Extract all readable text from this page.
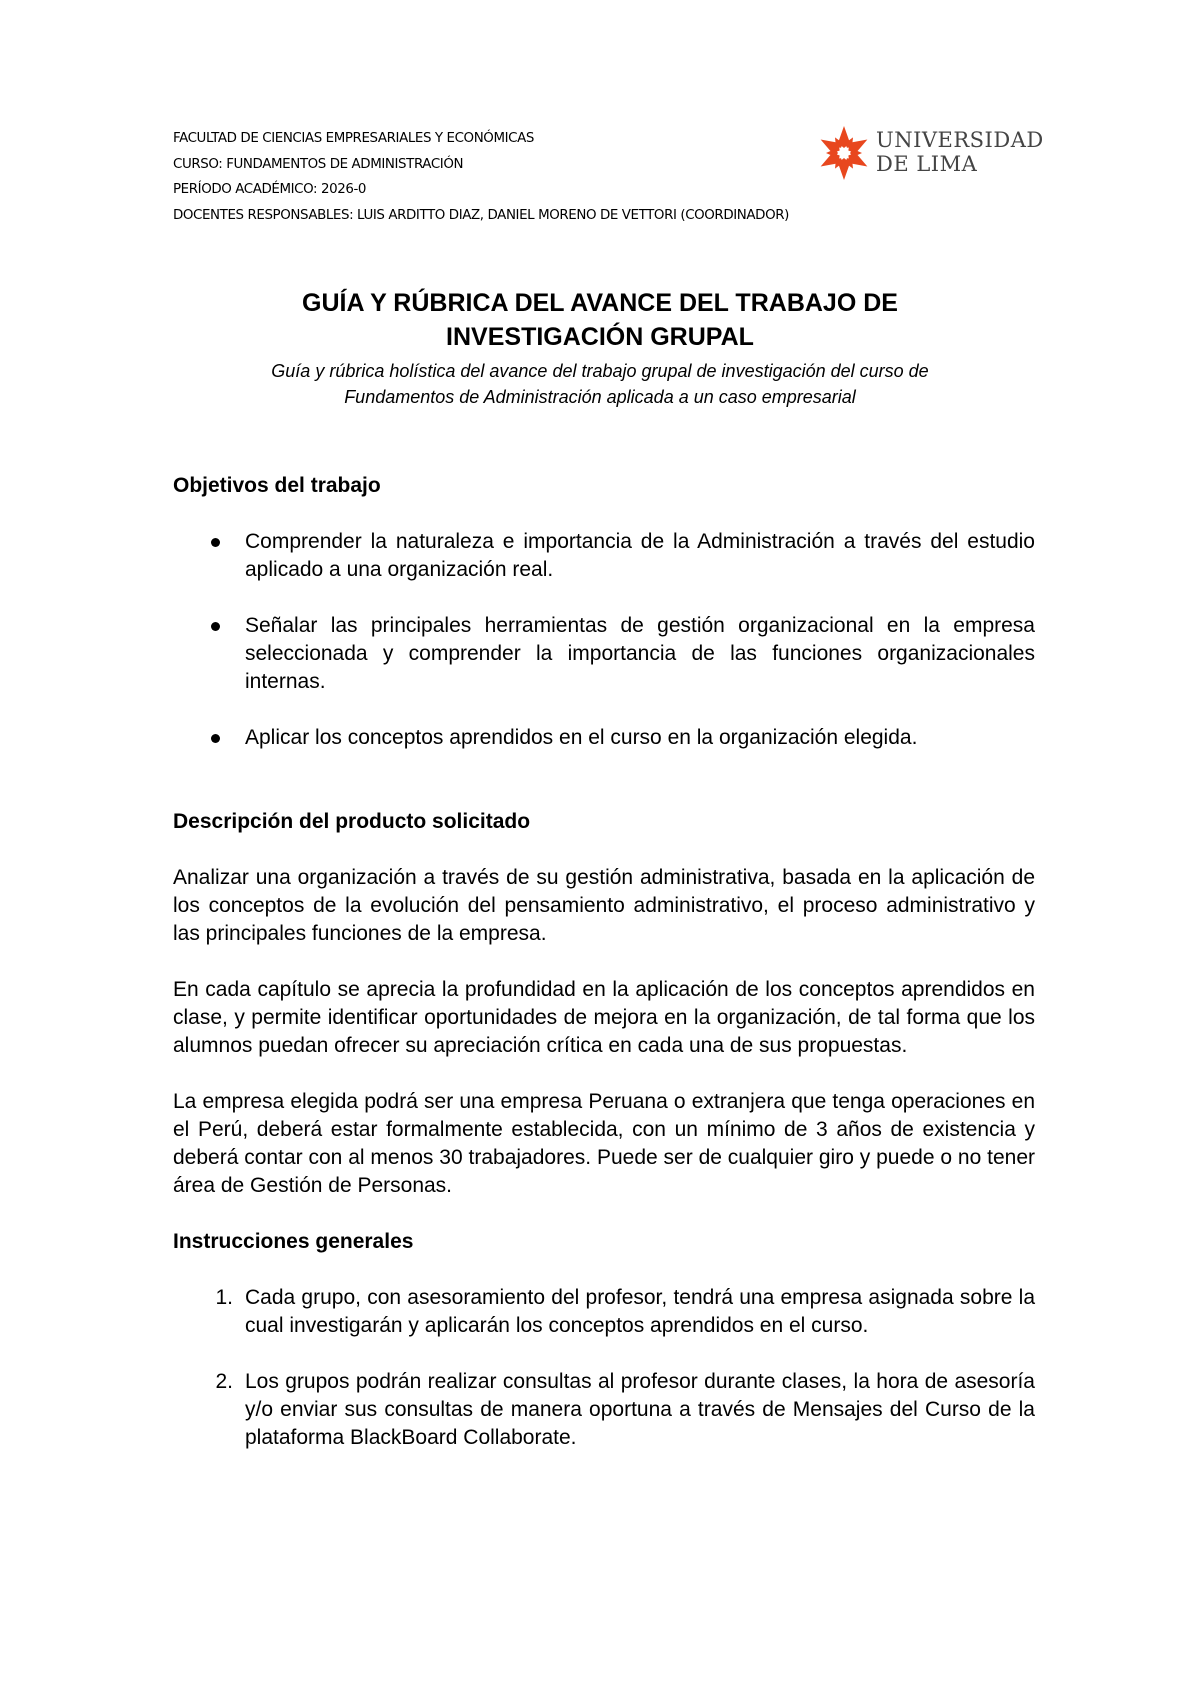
FACULTAD DE CIENCIAS EMPRESARIALES Y ECONÓMICAS
CURSO: FUNDAMENTOS DE ADMINISTRACIÓN
PERÍODO ACADÉMICO: 2026-0
DOCENTES RESPONSABLES: LUIS ARDITTO DIAZ, DANIEL MORENO DE VETTORI (COORDINADOR)
UNIVERSIDAD
DE LIMA
GUÍA Y RÚBRICA DEL AVANCE DEL TRABAJO DE
INVESTIGACIÓN GRUPAL
Guía y rúbrica holística del avance del trabajo grupal de investigación del curso de
Fundamentos de Administración aplicada a un caso empresarial
Objetivos del trabajo
Comprender la naturaleza e importancia de la Administración a través del estudio aplicado a una organización real.
Señalar las principales herramientas de gestión organizacional en la empresa seleccionada y comprender la importancia de las funciones organizacionales internas.
Aplicar los conceptos aprendidos en el curso en la organización elegida.
Descripción del producto solicitado

Analizar una organización a través de su gestión administrativa, basada en la aplicación de los conceptos de la evolución del pensamiento administrativo, el proceso administrativo y las principales funciones de la empresa.

En cada capítulo se aprecia la profundidad en la aplicación de los conceptos aprendidos en clase, y permite identificar oportunidades de mejora en la organización, de tal forma que los alumnos puedan ofrecer su apreciación crítica en cada una de sus propuestas.

La empresa elegida podrá ser una empresa Peruana o extranjera que tenga operaciones en el Perú, deberá estar formalmente establecida, con un mínimo de 3 años de existencia y deberá contar con al menos 30 trabajadores. Puede ser de cualquier giro y puede o no tener área de Gestión de Personas.

Instrucciones generales
1. Cada grupo, con asesoramiento del profesor, tendrá una empresa asignada sobre la cual investigarán y aplicarán los conceptos aprendidos en el curso.
2. Los grupos podrán realizar consultas al profesor durante clases, la hora de asesoría y/o enviar sus consultas de manera oportuna a través de Mensajes del Curso de la plataforma BlackBoard Collaborate.
